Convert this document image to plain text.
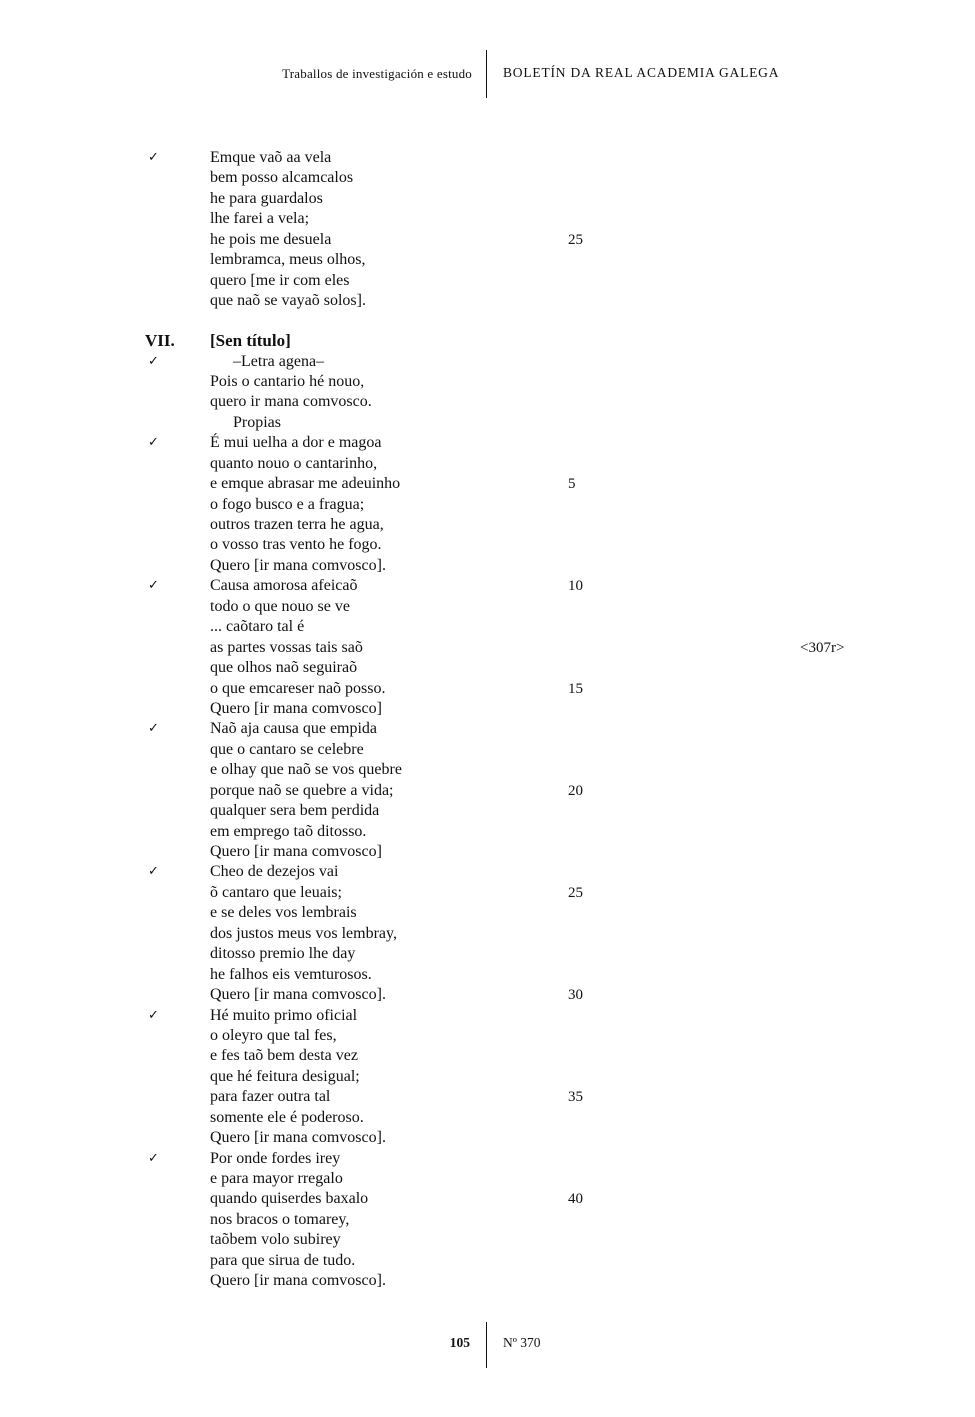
Traballos de investigación e estudo BOLETÍN DA REAL ACADEMIA GALEGA
✓	Emque vaõ aa vela
bem posso alcamcalos
he para guardalos
lhe farei a vela;
he pois me desuela	25
lembramca, meus olhos,
quero [me ir com eles
que naõ se vayaõ solos].
VII.	[Sen título]
✓	–Letra agena–
Pois o cantario hé nouo,
quero ir mana comvosco.
Propias
✓	É mui uelha a dor e magoa
quanto nouo o cantarinho,
e emque abrasar me adeuinho	5
o fogo busco e a fragua;
outros trazen terra he agua,
o vosso tras vento he fogo.
Quero [ir mana comvosco].
✓	Causa amorosa afeicaõ	10
todo o que nouo se ve
... caõtaro tal é
as partes vossas tais saõ	<307r>
que olhos naõ seguiraõ
o que emcareser naõ posso.	15
Quero [ir mana comvosco]
✓	Naõ aja causa que empida
que o cantaro se celebre
e olhay que naõ se vos quebre
porque naõ se quebre a vida;	20
qualquer sera bem perdida
em emprego taõ ditosso.
Quero [ir mana comvosco]
✓	Cheo de dezejos vai
õ cantaro que leuais;	25
e se deles vos lembrais
dos justos meus vos lembray,
ditosso premio lhe day
he falhos eis vemturosos.
Quero [ir mana comvosco].	30
✓	Hé muito primo oficial
o oleyro que tal fes,
e fes taõ bem desta vez
que hé feitura desigual;
para fazer outra tal	35
somente ele é poderoso.
Quero [ir mana comvosco].
✓	Por onde fordes irey
e para mayor rregalo
quando quiserdes baxalo	40
nos bracos o tomarey,
taõbem volo subirey
para que sirua de tudo.
Quero [ir mana comvosco].
105 Nº 370
